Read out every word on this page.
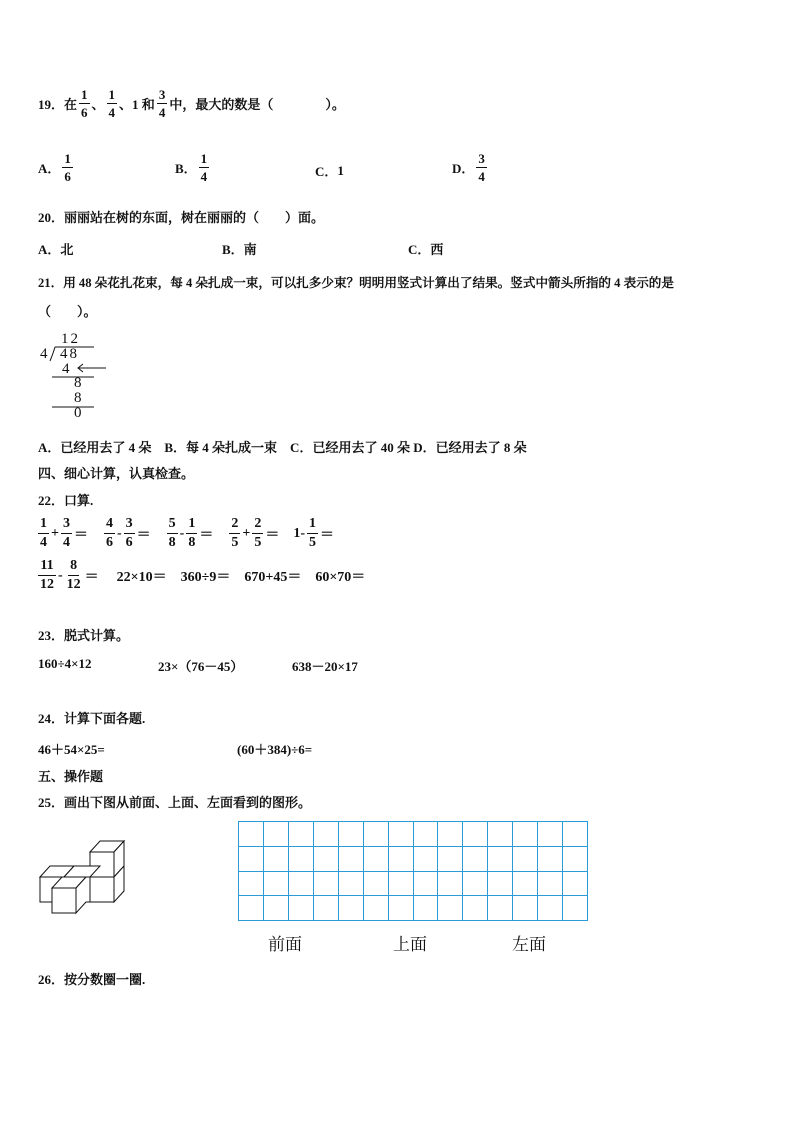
19． 在 $\frac{1}{6}$ 、 $\frac{1}{4}$ 、1 和 $\frac{3}{4}$ 中，最大的数是（　　　　）。
A． $\frac{1}{6}$	B． $\frac{1}{4}$	C． 1	D． $\frac{3}{4}$
20．丽丽站在树的东面，树在丽丽的（　　）面。
A．北	B．南	C．西
21．用 48 朵花扎花束，每 4 朵扎成一束，可以扎多少束？明明用竖式计算出了结果。竖式中箭头所指的 4 表示的是
（　　）。
12
4 48
4
8
8
0
A．已经用去了 4 朵　B．每 4 朵扎成一束　C．已经用去了 40 朵 D．已经用去了 8 朵
四、细心计算，认真检查。
22．口算.
$\frac{1}{4} + \frac{3}{4} = \frac{4}{6} - \frac{3}{6} = \frac{5}{8} - \frac{1}{8} = \frac{2}{5} + \frac{2}{5} = 1- \frac{1}{5}$ ＝
$\frac{11}{12} - \frac{8}{12} = 22\times 10= 360\div 9= 670+45= 60\times 70=$
23．脱式计算。
160÷4×12	23×（76－45）	638－20×17
24．计算下面各题.
46＋54×25=	(60＋384)÷6=
五、操作题
25．画出下图从前面、上面、左面看到的图形。
前面	上面	左面
26．按分数圈一圈.
